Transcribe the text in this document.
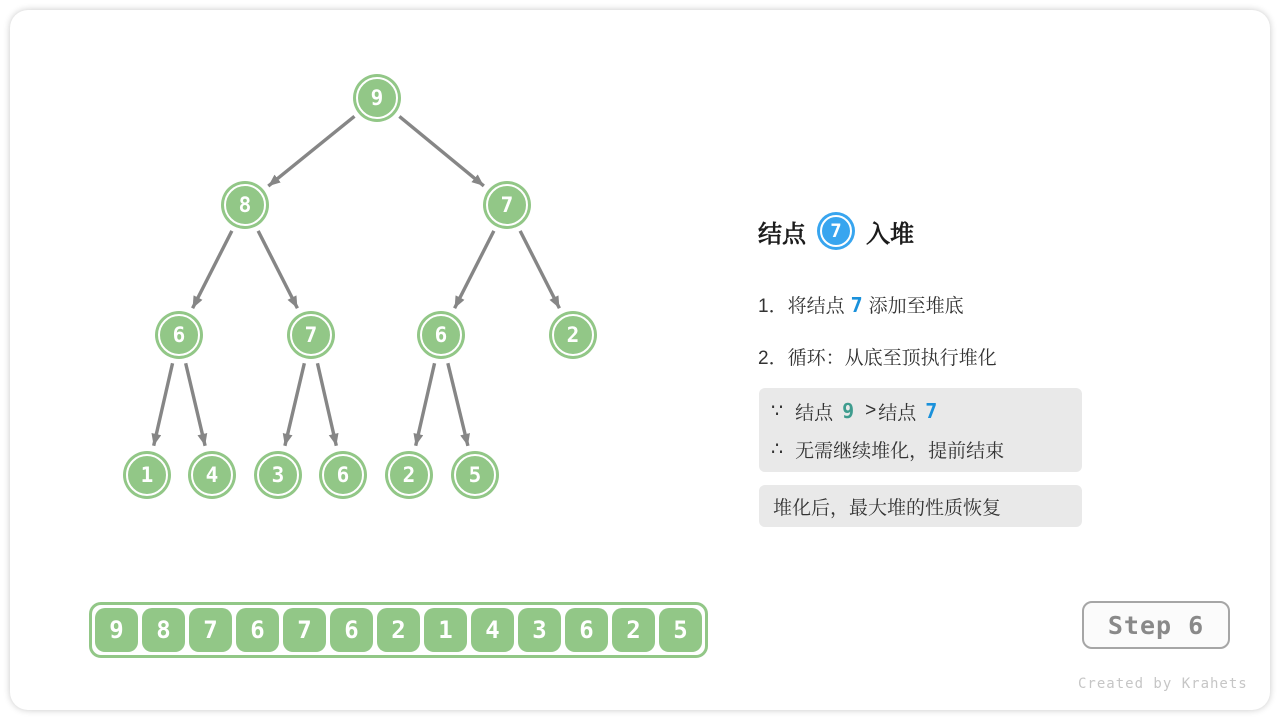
9
8	7
6	7	6	2
1	4	3	6	2	5
结点	7	入堆
1．将结点 7 添加至堆底
2．循环：从底至顶执行堆化
∵ 结点 9 > 结点 7
∴ 无需继续堆化，提前结束
堆化后，最大堆的性质恢复
9	8	7	6	7	6	2	1	4	3	6	2	5	Step 6
Created by Krahets
